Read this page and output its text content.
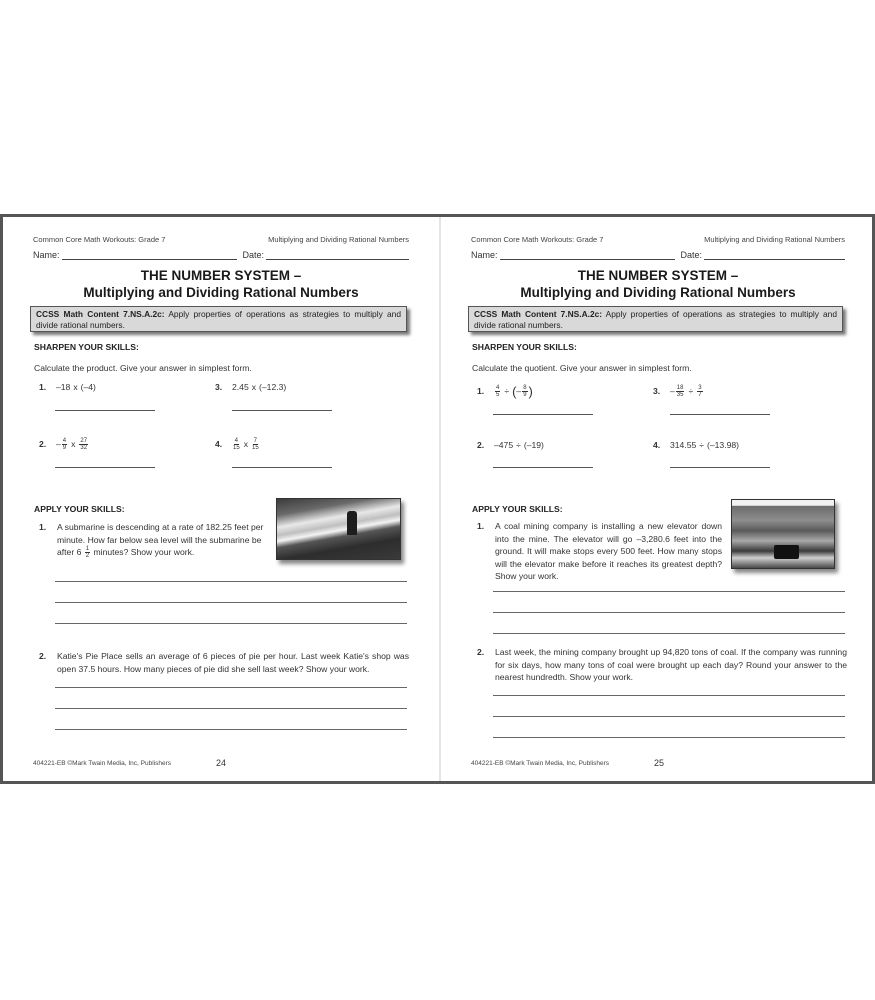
Common Core Math Workouts: Grade 7	Multiplying and Dividing Rational Numbers
Name:	Date:
THE NUMBER SYSTEM –
Multiplying and Dividing Rational Numbers
CCSS Math Content 7.NS.A.2c: Apply properties of operations as strategies to multiply and divide rational numbers.
SHARPEN YOUR SKILLS:
Calculate the product. Give your answer in simplest form.
1.	–18 x (–4)	3.	2.45 x (–12.3)
2.	– $\frac{4}{9}$ x $\frac{27}{32}$	4.	$\frac{4}{15}$ x $\frac{7}{15}$
APPLY YOUR SKILLS:
1.	A submarine is descending at a rate of 182.25 feet per minute. How far below sea level will the submarine be after $6 \frac{1}{2}$ minutes? Show your work.
2.	Katie's Pie Place sells an average of 6 pieces of pie per hour. Last week Katie's shop was open 37.5 hours. How many pieces of pie did she sell last week? Show your work.
404221-EB ©Mark Twain Media, Inc, Publishers	24
Common Core Math Workouts: Grade 7	Multiplying and Dividing Rational Numbers
Name:	Date:
THE NUMBER SYSTEM –
Multiplying and Dividing Rational Numbers
CCSS Math Content 7.NS.A.2c: Apply properties of operations as strategies to multiply and divide rational numbers.
SHARPEN YOUR SKILLS:
Calculate the quotient. Give your answer in simplest form.
1.	$\frac{4}{5}$ ÷ ( – $\frac{8}{9}$ )	3.	– $\frac{18}{35} \div \frac{3}{7}$
2.	–475 ÷ (–19)	4.	314.55 ÷ (–13.98)
APPLY YOUR SKILLS:
1.	A coal mining company is installing a new elevator down into the mine. The elevator will go –3,280.6 feet into the ground. It will make stops every 500 feet. How many stops will the elevator make before it reaches its greatest depth? Show your work.
2.	Last week, the mining company brought up 94,820 tons of coal. If the company was running for six days, how many tons of coal were brought up each day? Round your answer to the nearest hundredth. Show your work.
404221-EB ©Mark Twain Media, Inc, Publishers	25
